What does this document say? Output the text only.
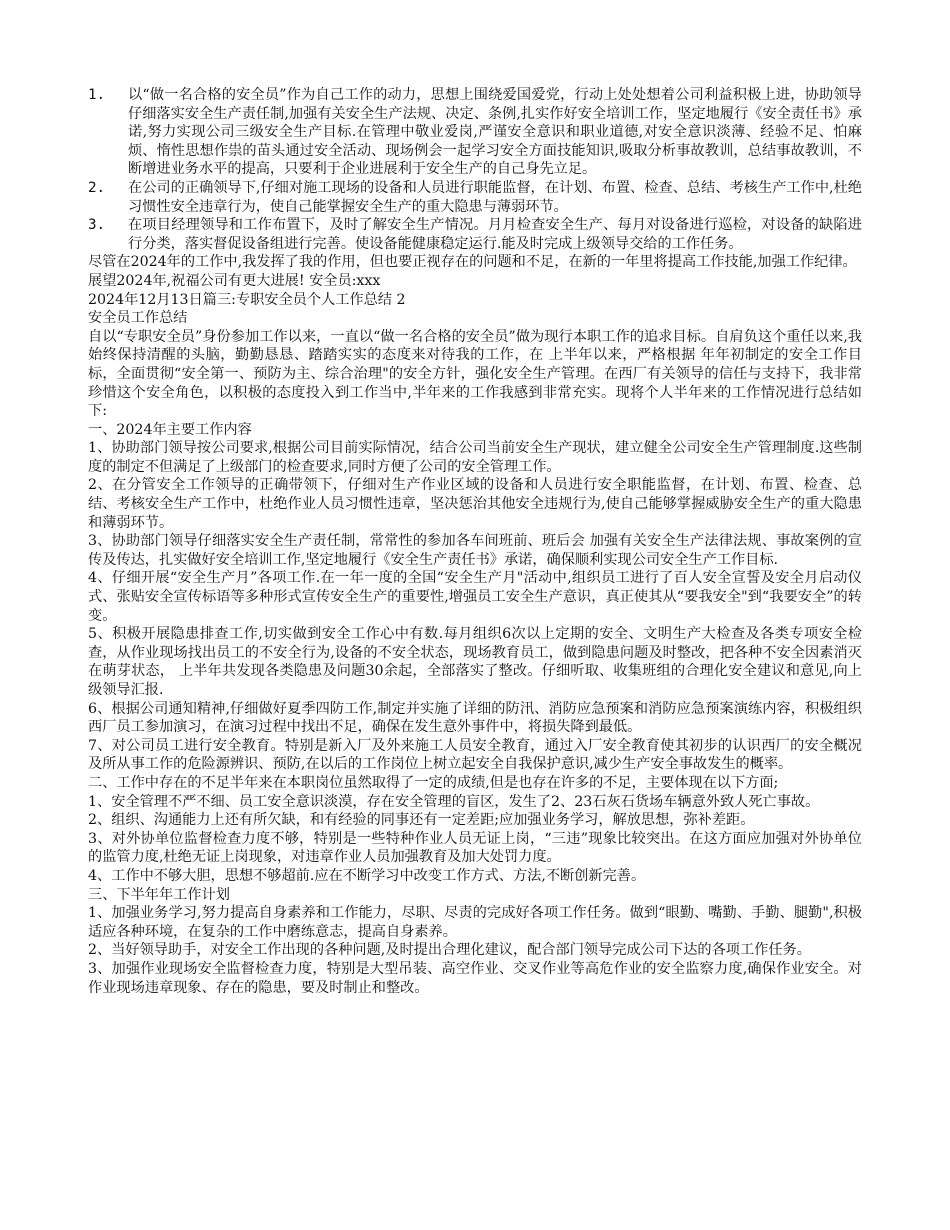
1.	以“做一名合格的安全员”作为自己工作的动力，思想上围绕爱国爱党，行动上处处想着公司利益积极上进，协助领导仔细落实安全生产责任制,加强有关安全生产法规、决定、条例,扎实作好安全培训工作，坚定地履行《安全责任书》承诺,努力实现公司三级安全生产目标.在管理中敬业爱岗,严谨安全意识和职业道德,对安全意识淡薄、经验不足、怕麻烦、惰性思想作祟的苗头通过安全活动、现场例会一起学习安全方面技能知识,吸取分析事故教训，总结事故教训，不断增进业务水平的提高，只要利于企业进展利于安全生产的自己身先立足。
2.	在公司的正确领导下,仔细对施工现场的设备和人员进行职能监督，在计划、布置、检查、总结、考核生产工作中,杜绝习惯性安全违章行为，使自己能掌握安全生产的重大隐患与薄弱环节。
3.	在项目经理领导和工作布置下，及时了解安全生产情况。月月检查安全生产、每月对设备进行巡检，对设备的缺陷进行分类，落实督促设备组进行完善。使设备能健康稳定运行.能及时完成上级领导交给的工作任务。

尽管在2024年的工作中,我发挥了我的作用，但也要正视存在的问题和不足，在新的一年里将提高工作技能,加强工作纪律。

展望2024年,祝福公司有更大进展! 安全员:xxx

2024年12月13日篇三:专职安全员个人工作总结 2

安全员工作总结

自以“专职安全员”身份参加工作以来，一直以“做一名合格的安全员”做为现行本职工作的追求目标。自肩负这个重任以来,我始终保持清醒的头脑，勤勤恳恳、踏踏实实的态度来对待我的工作，在 上半年以来，严格根据 年年初制定的安全工作目标，全面贯彻“安全第一、预防为主、综合治理"的安全方针，强化安全生产管理。在西厂有关领导的信任与支持下，我非常珍惜这个安全角色，以积极的态度投入到工作当中,半年来的工作我感到非常充实。现将个人半年来的工作情况进行总结如下:

一、2024年主要工作内容

1、协助部门领导按公司要求,根据公司目前实际情况，结合公司当前安全生产现状，建立健全公司安全生产管理制度.这些制度的制定不但满足了上级部门的检查要求,同时方便了公司的安全管理工作。

2、在分管安全工作领导的正确带领下，仔细对生产作业区域的设备和人员进行安全职能监督，在计划、布置、检查、总结、考核安全生产工作中，杜绝作业人员习惯性违章，坚决惩治其他安全违规行为,使自己能够掌握威胁安全生产的重大隐患和薄弱环节。

3、协助部门领导仔细落实安全生产责任制，常常性的参加各车间班前、班后会 加强有关安全生产法律法规、事故案例的宣传及传达，扎实做好安全培训工作,坚定地履行《安全生产责任书》承诺，确保顺利实现公司安全生产工作目标.

4、仔细开展“安全生产月”各项工作.在一年一度的全国“安全生产月"活动中,组织员工进行了百人安全宣誓及安全月启动仪式、张贴安全宣传标语等多种形式宣传安全生产的重要性,增强员工安全生产意识，真正使其从“要我安全"到“我要安全”的转变。

5、积极开展隐患排查工作,切实做到安全工作心中有数.每月组织6次以上定期的安全、文明生产大检查及各类专项安全检查，从作业现场找出员工的不安全行为,设备的不安全状态，现场教育员工，做到隐患问题及时整改，把各种不安全因素消灭在萌芽状态， 上半年共发现各类隐患及问题30余起，全部落实了整改。仔细听取、收集班组的合理化安全建议和意见,向上级领导汇报.

6、根据公司通知精神,仔细做好夏季四防工作,制定并实施了详细的防汛、消防应急预案和消防应急预案演练内容，积极组织西厂员工参加演习，在演习过程中找出不足，确保在发生意外事件中，将损失降到最低。

7、对公司员工进行安全教育。特别是新入厂及外来施工人员安全教育，通过入厂安全教育使其初步的认识西厂的安全概况及所从事工作的危险源辨识、预防,在以后的工作岗位上树立起安全自我保护意识,减少生产安全事故发生的概率。

二、工作中存在的不足半年来在本职岗位虽然取得了一定的成绩,但是也存在许多的不足，主要体现在以下方面;

1、安全管理不严不细、员工安全意识淡漠，存在安全管理的盲区，发生了2、23石灰石货场车辆意外致人死亡事故。

2、组织、沟通能力上还有所欠缺，和有经验的同事还有一定差距;应加强业务学习，解放思想，弥补差距。

3、对外协单位监督检查力度不够，特别是一些特种作业人员无证上岗，“三违”现象比较突出。在这方面应加强对外协单位的监管力度,杜绝无证上岗现象，对违章作业人员加强教育及加大处罚力度。

4、工作中不够大胆，思想不够超前.应在不断学习中改变工作方式、方法,不断创新完善。

三、下半年年工作计划

1、加强业务学习,努力提高自身素养和工作能力，尽职、尽责的完成好各项工作任务。做到“眼勤、嘴勤、手勤、腿勤",积极适应各种环境，在复杂的工作中磨练意志，提高自身素养。

2、当好领导助手，对安全工作出现的各种问题,及时提出合理化建议，配合部门领导完成公司下达的各项工作任务。

3、加强作业现场安全监督检查力度，特别是大型吊装、高空作业、交叉作业等高危作业的安全监察力度,确保作业安全。对作业现场违章现象、存在的隐患，要及时制止和整改。
